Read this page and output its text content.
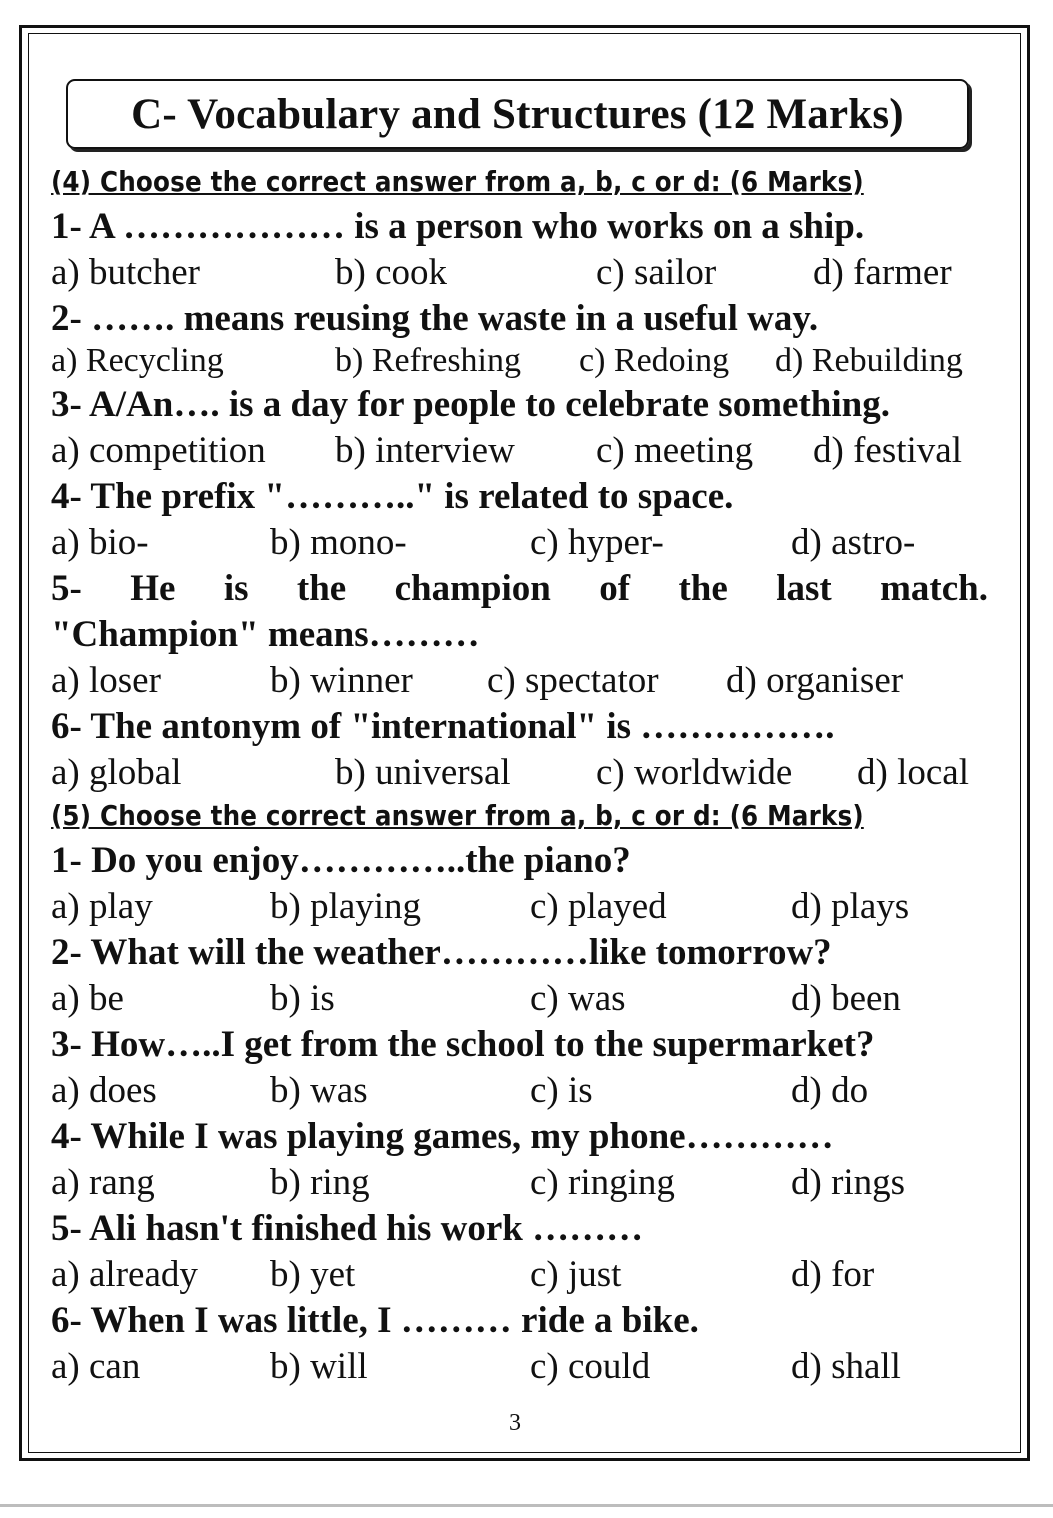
C- Vocabulary and Structures (12 Marks)
(4) Choose the correct answer from a, b, c or d: (6 Marks)
1- A ……………… is a person who works on a ship.
a) butcher	b) cook	c) sailor	d) farmer
2- ……. means reusing the waste in a useful way.
a) Recycling	b) Refreshing c) Redoing d) Rebuilding
3- A/An…. is a day for people to celebrate something.
a) competition b) interview c) meeting d) festival
4- The prefix "……….." is related to space.
a) bio-	b) mono-	c) hyper-	d) astro-
5- He is the champion of the last match.
"Champion" means………
a) loser	b) winner c) spectator d) organiser
6- The antonym of "international" is …………….
a) global	b) universal c) worldwide d) local
(5) Choose the correct answer from a, b, c or d: (6 Marks)
1- Do you enjoy…………..the piano?
a) play	b) playing	c) played	d) plays
2- What will the weather…………like tomorrow?
a) be	b) is	c) was	d) been
3- How…..I get from the school to the supermarket?
a) does	b) was	c) is	d) do
4- While I was playing games, my phone…………
a) rang	b) ring	c) ringing	d) rings
5- Ali hasn't finished his work ………
a) already b) yet	c) just	d) for
6- When I was little, I ……… ride a bike.
a) can	b) will	c) could	d) shall
3
